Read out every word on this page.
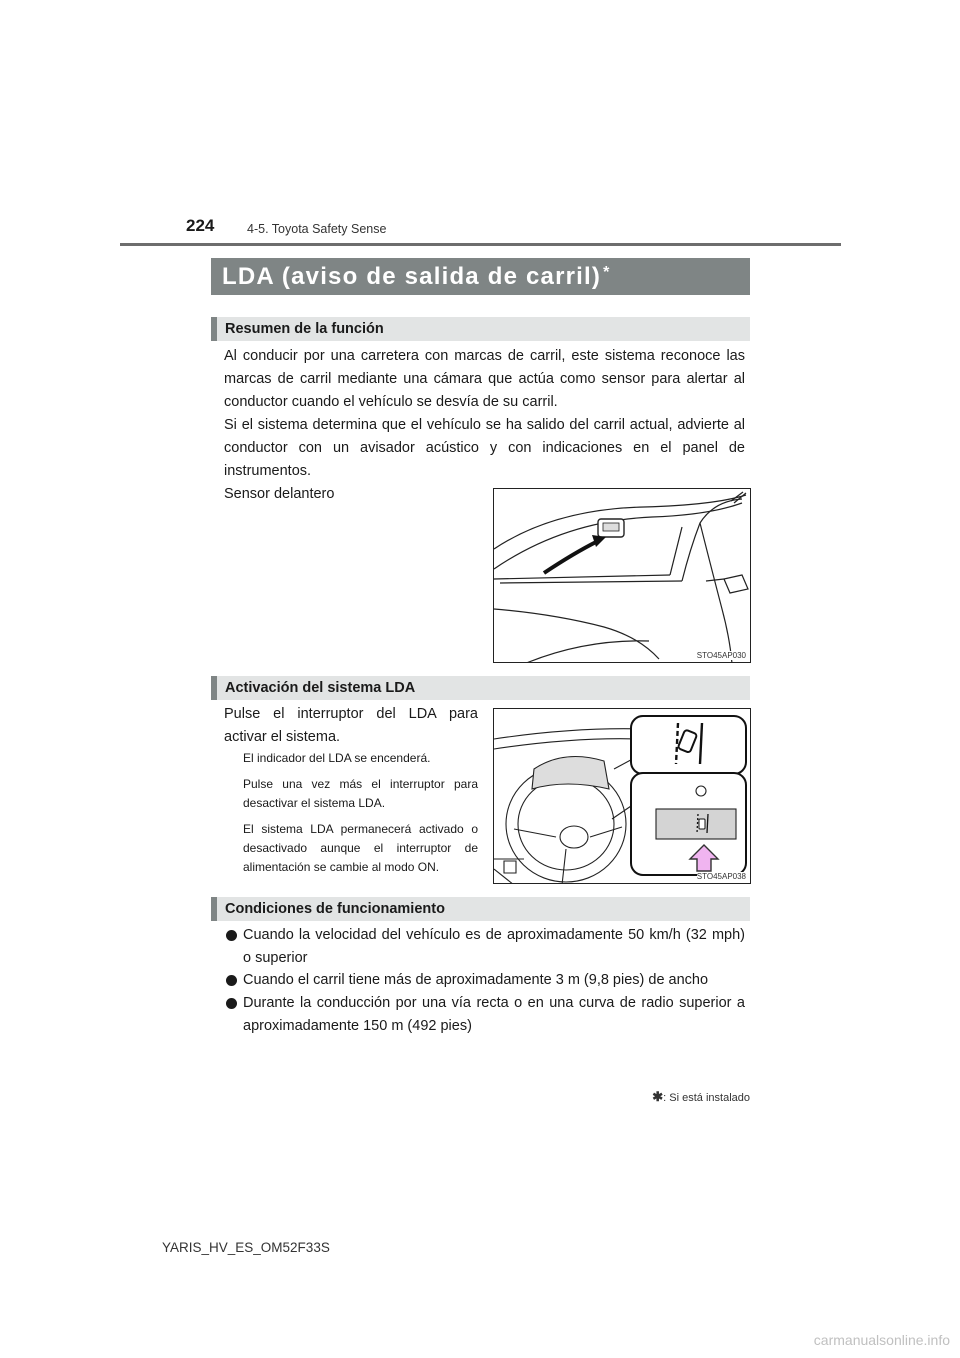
224	4-5. Toyota Safety Sense
LDA (aviso de salida de carril) *
Resumen de la función
Al conducir por una carretera con marcas de carril, este sistema reconoce las marcas de carril mediante una cámara que actúa como sensor para alertar al conductor cuando el vehículo se desvía de su carril.
Si el sistema determina que el vehículo se ha salido del carril actual, advierte al conductor con un avisador acústico y con indicaciones en el panel de instrumentos.
Sensor delantero
STO45AP030
Activación del sistema LDA
Pulse el interruptor del LDA para activar el sistema.
El indicador del LDA se encenderá.
Pulse una vez más el interruptor para desactivar el sistema LDA.
El sistema LDA permanecerá activado o desactivado aunque el interruptor de alimentación se cambie al modo ON.
STO45AP038
Condiciones de funcionamiento
Cuando la velocidad del vehículo es de aproximadamente 50 km/h (32 mph) o superior
Cuando el carril tiene más de aproximadamente 3 m (9,8 pies) de ancho
Durante la conducción por una vía recta o en una curva de radio superior a aproximadamente 150 m (492 pies)
✱: Si está instalado
YARIS_HV_ES_OM52F33S
carmanualsonline.info
